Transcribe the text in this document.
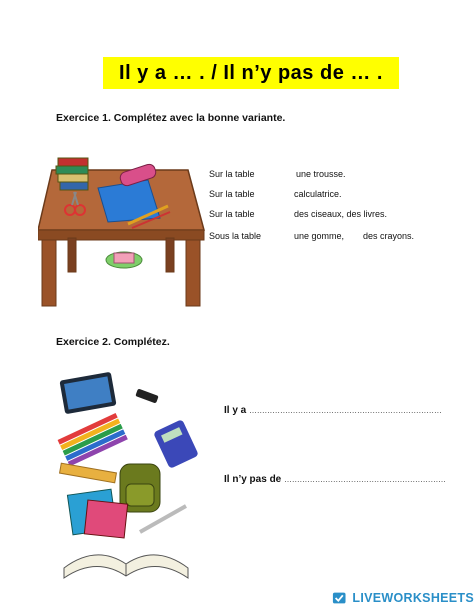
Il y a … . / Il n’y pas de … .
Exercice 1. Complétez avec la bonne variante.
Sur la table	une trousse.
Sur la table	calculatrice.
Sur la table	des ciseaux, des livres.
Sous la table	une gomme, des crayons.
Exercice 2. Complétez.
Il y a …………………………………………………………………
Il n’y pas de ………………………………………………………
LIVEWORKSHEETS
